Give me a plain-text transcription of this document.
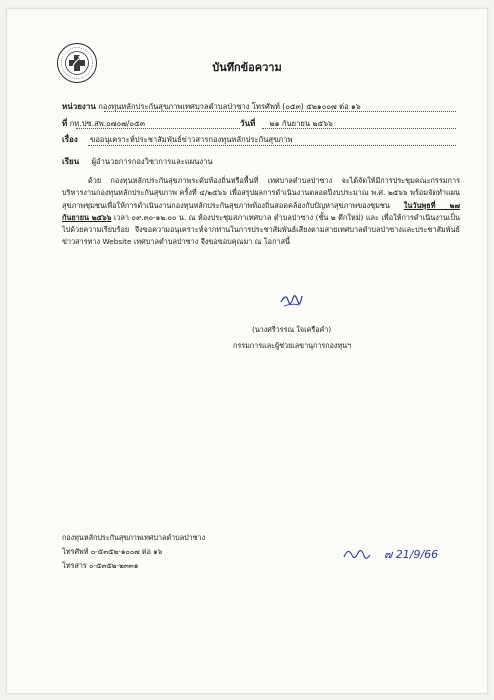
บันทึกข้อความ
หน่วยงาน กองทุนหลักประกันสุขภาพเทศบาลตำบลป่าซาง โทรศัพท์ (๐๕๓) ๕๒๑๐๐๗ ต่อ ๑๖
ที่ กท.ปซ.สพ.๐๗๐๗/๐๕๓	วันที่ ๒๑ กันยายน ๒๕๖๖
เรื่อง ขออนุเคราะห์ประชาสัมพันธ์ข่าวสารกองทุนหลักประกันสุขภาพ
เรียน ผู้อำนวยการกองวิชาการและแผนงาน
ด้วย กองทุนหลักประกันสุขภาพระดับท้องถิ่นหรือพื้นที่ เทศบาลตำบลป่าซาง จะได้จัดให้มีการประชุมคณะกรรมการบริหารงานกองทุนหลักประกันสุขภาพ ครั้งที่ ๔/๒๕๖๖ เพื่อสรุปผลการดำเนินงานตลอดปีงบประมาณ พ.ศ. ๒๕๖๖ พร้อมจัดทำแผนสุขภาพชุมชนเพื่อให้การดำเนินงานกองทุนหลักประกันสุขภาพท้องถิ่นสอดคล้องกับปัญหาสุขภาพของชุมชน ในวันพุธที่ ๒๗ กันยายน ๒๕๖๖ เวลา ๐๙.๓๐-๑๒.๐๐ น. ณ ห้องประชุมสภาเทศบาล ตำบลป่าซาง (ชั้น ๒ ตึกใหม่) และ เพื่อให้การดำเนินงานเป็นไปด้วยความเรียบร้อย จึงขอความอนุเคราะห์จากท่านในการประชาสัมพันธ์เสียงตามสายเทศบาลตำบลป่าซางและประชาสัมพันธ์ข่าวสารทาง Website เทศบาลตำบลป่าซาง จึงขอขอบคุณมา ณ โอกาสนี้
(นางศรีวรรณ ใจเครือคำ)
กรรมการและผู้ช่วยเลขานุการกองทุนฯ
กองทุนหลักประกันสุขภาพเทศบาลตำบลป่าซาง
โทรศัพท์ ๐-๕๓๕๒-๑๐๐๗ ต่อ ๑๖
โทรสาร ๐-๕๓๕๒-๒๓๓๑
๗ 21/9/66
